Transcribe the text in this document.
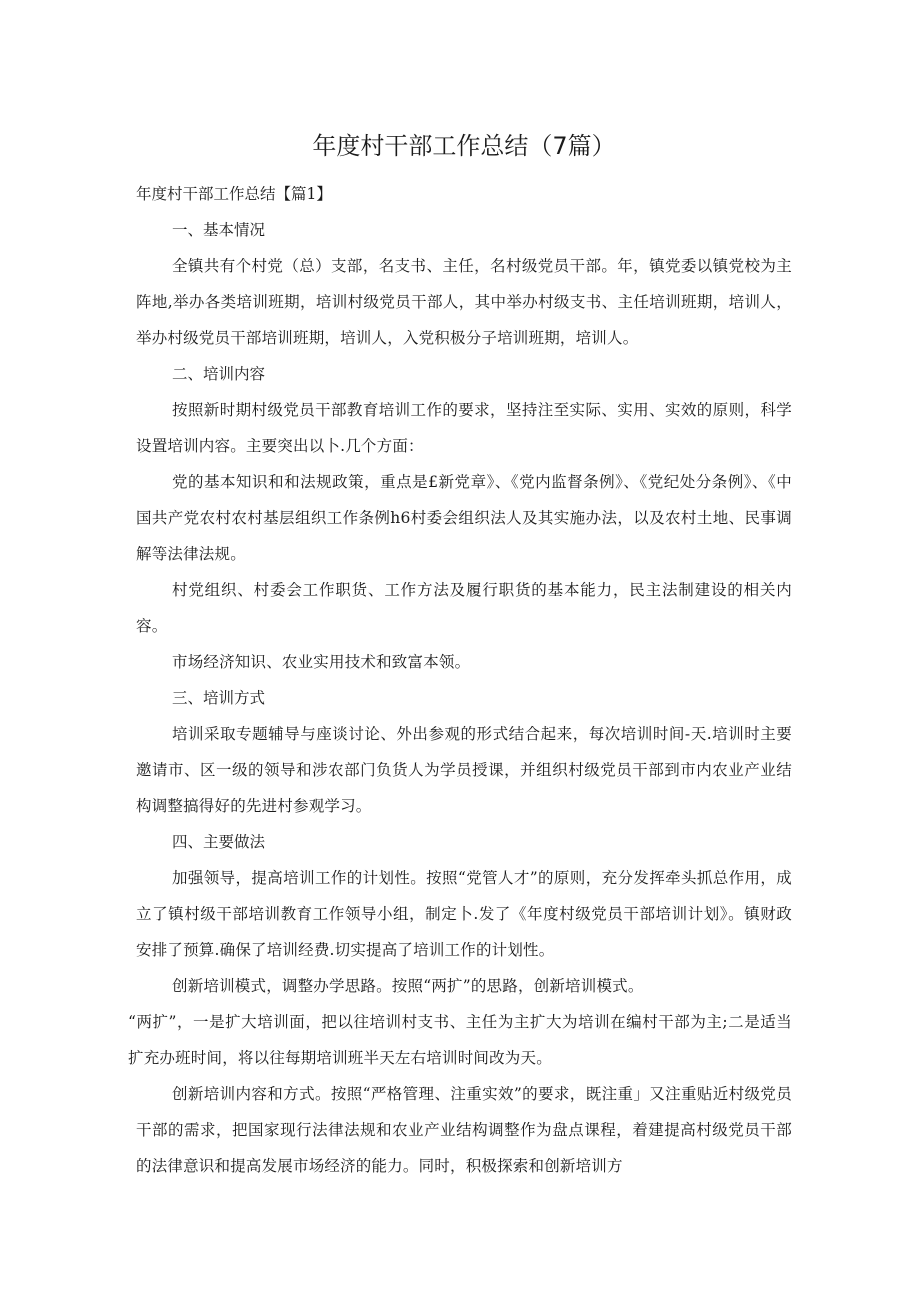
年度村干部工作总结（7篇）

年度村干部工作总结【篇1】

一、基本情况

全镇共有个村党（总）支部，名支书、主任，名村级党员干部。年，镇党委以镇党校为主阵地,举办各类培训班期，培训村级党员干部人，其中举办村级支书、主任培训班期，培训人，举办村级党员干部培训班期，培训人，入党积极分子培训班期，培训人。

二、培训内容

按照新时期村级党员干部教育培训工作的要求，坚持注至实际、实用、实效的原则，科学设置培训内容。主要突出以卜.几个方面：

党的基本知识和和法规政策，重点是£新党章》、《党内监督条例》、《党纪处分条例》、《中国共产党农村农村基层组织工作条例h6村委会组织法人及其实施办法，以及农村土地、民事调解等法律法规。

村党组织、村委会工作职货、工作方法及履行职货的基本能力，民主法制建设的相关内容。

市场经济知识、农业实用技术和致富本领。

三、培训方式

培训采取专题辅导与座谈讨论、外出参观的形式结合起来，每次培训时间-天.培训时主要邀请市、区一级的领导和涉农部门负货人为学员授课，并组织村级党员干部到市内农业产业结构调整搞得好的先进村参观学习。

四、主要做法

加强领导，提高培训工作的计划性。按照“党管人才”的原则，充分发挥牵头抓总作用，成立了镇村级干部培训教育工作领导小组，制定卜.发了《年度村级党员干部培训计划》。镇财政安排了预算.确保了培训经费.切实提高了培训工作的计划性。

创新培训模式，调整办学思路。按照“两扩”的思路，创新培训模式。

“两扩”，一是扩大培训面，把以往培训村支书、主任为主扩大为培训在编村干部为主;二是适当扩充办班时间，将以往每期培训班半天左右培训时间改为天。

创新培训内容和方式。按照“严格管理、注重实效”的要求，既注重」又注重贴近村级党员干部的需求，把国家现行法律法规和农业产业结构调整作为盘点课程，着建提高村级党员干部的法律意识和提高发展市场经济的能力。同时，积极探索和创新培训方
